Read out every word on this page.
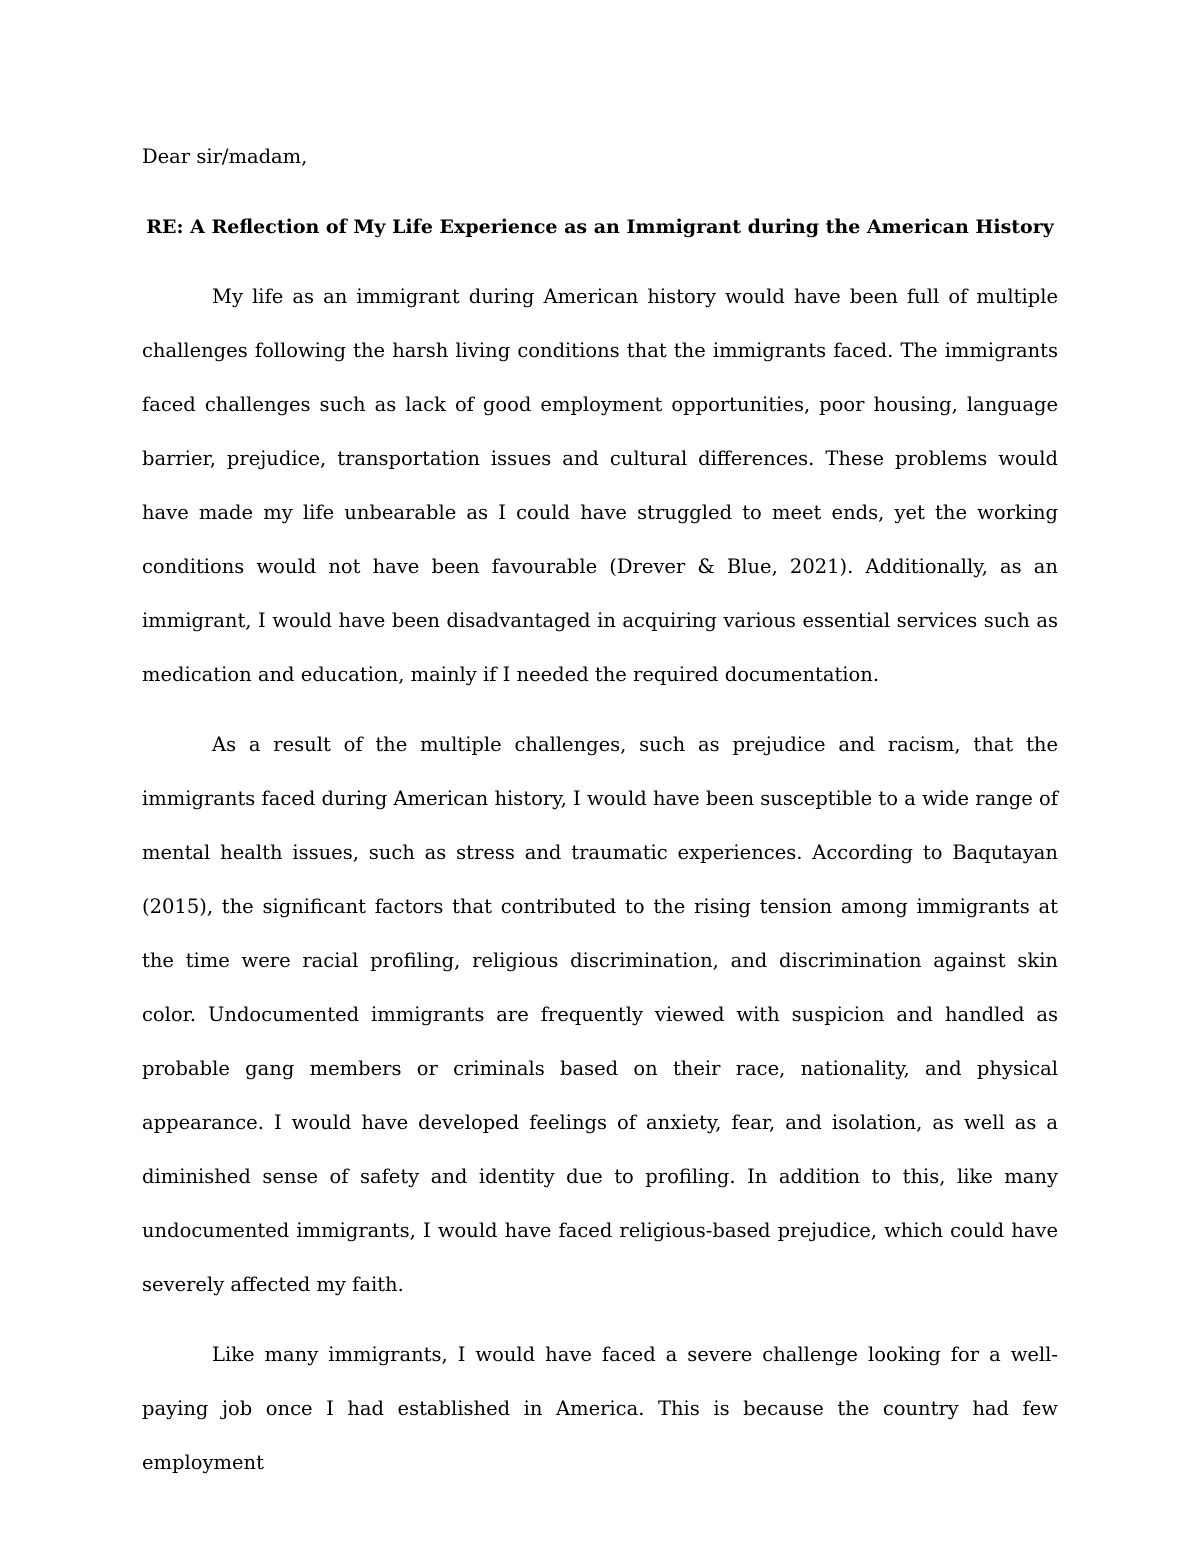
Dear sir/madam,

RE: A Reflection of My Life Experience as an Immigrant during the American History

My life as an immigrant during American history would have been full of multiple challenges following the harsh living conditions that the immigrants faced. The immigrants faced challenges such as lack of good employment opportunities, poor housing, language barrier, prejudice, transportation issues and cultural differences. These problems would have made my life unbearable as I could have struggled to meet ends, yet the working conditions would not have been favourable (Drever & Blue, 2021). Additionally, as an immigrant, I would have been disadvantaged in acquiring various essential services such as medication and education, mainly if I needed the required documentation.

As a result of the multiple challenges, such as prejudice and racism, that the immigrants faced during American history, I would have been susceptible to a wide range of mental health issues, such as stress and traumatic experiences. According to Baqutayan (2015), the significant factors that contributed to the rising tension among immigrants at the time were racial profiling, religious discrimination, and discrimination against skin color. Undocumented immigrants are frequently viewed with suspicion and handled as probable gang members or criminals based on their race, nationality, and physical appearance. I would have developed feelings of anxiety, fear, and isolation, as well as a diminished sense of safety and identity due to profiling. In addition to this, like many undocumented immigrants, I would have faced religious-based prejudice, which could have severely affected my faith.

Like many immigrants, I would have faced a severe challenge looking for a well-paying job once I had established in America. This is because the country had few employment
